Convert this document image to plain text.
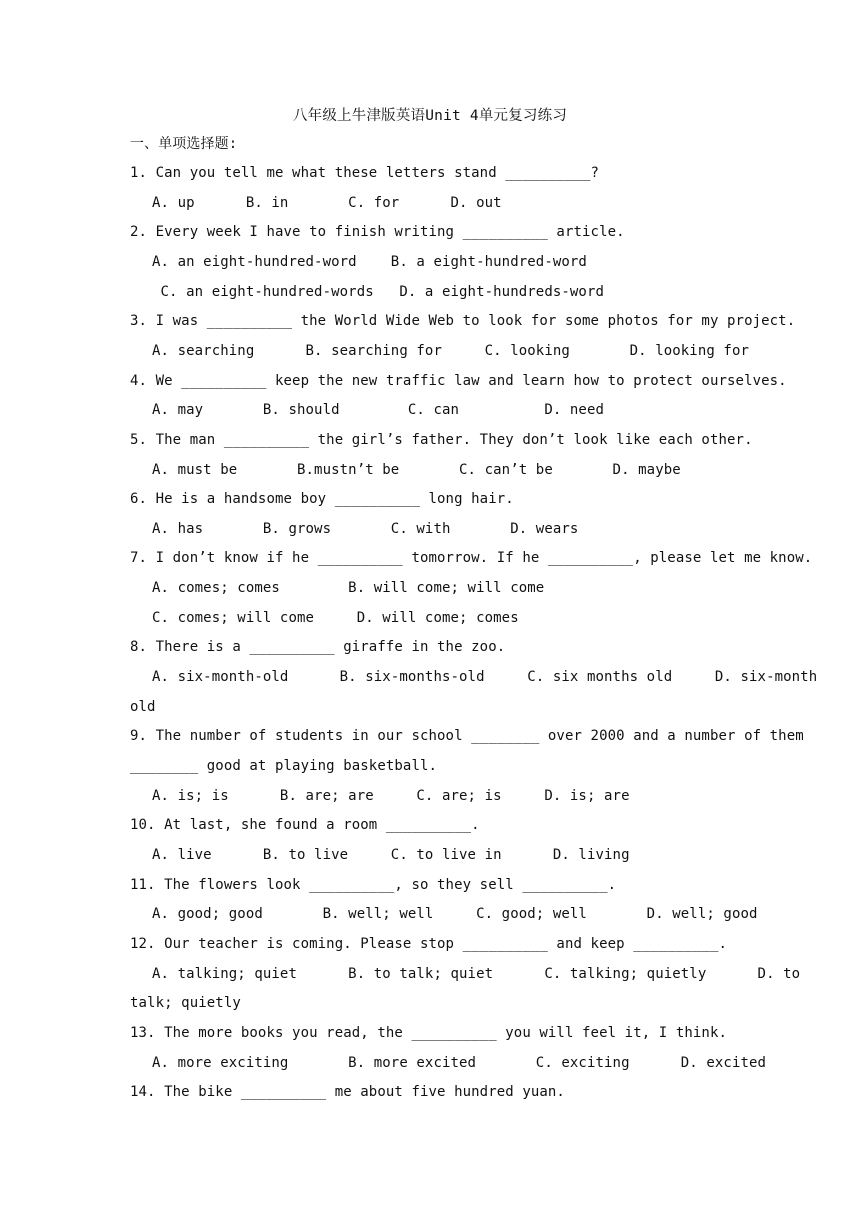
八年级上牛津版英语Unit 4单元复习练习
一、单项选择题:
1. Can you tell me what these letters stand __________?
A. up      B. in       C. for      D. out
2. Every week I have to finish writing __________ article.
A. an eight-hundred-word    B. a eight-hundred-word
C. an eight-hundred-words   D. a eight-hundreds-word
3. I was __________ the World Wide Web to look for some photos for my project.
A. searching      B. searching for     C. looking       D. looking for
4. We __________ keep the new traffic law and learn how to protect ourselves.
A. may       B. should        C. can          D. need
5. The man __________ the girl’s father. They don’t look like each other.
A. must be       B.mustn’t be       C. can’t be       D. maybe
6. He is a handsome boy __________ long hair.
A. has       B. grows       C. with       D. wears
7. I don’t know if he __________ tomorrow. If he __________, please let me know.
A. comes; comes        B. will come; will come
C. comes; will come     D. will come; comes
8. There is a __________ giraffe in the zoo.
A. six-month-old      B. six-months-old     C. six months old     D. six-month
old
9. The number of students in our school ________ over 2000 and a number of them
________ good at playing basketball.
A. is; is      B. are; are     C. are; is     D. is; are
10. At last, she found a room __________.
A. live      B. to live     C. to live in      D. living
11. The flowers look __________, so they sell __________.
A. good; good       B. well; well     C. good; well       D. well; good
12. Our teacher is coming. Please stop __________ and keep __________.
A. talking; quiet      B. to talk; quiet      C. talking; quietly      D. to
talk; quietly
13. The more books you read, the __________ you will feel it, I think.
A. more exciting       B. more excited       C. exciting      D. excited
14. The bike __________ me about five hundred yuan.
